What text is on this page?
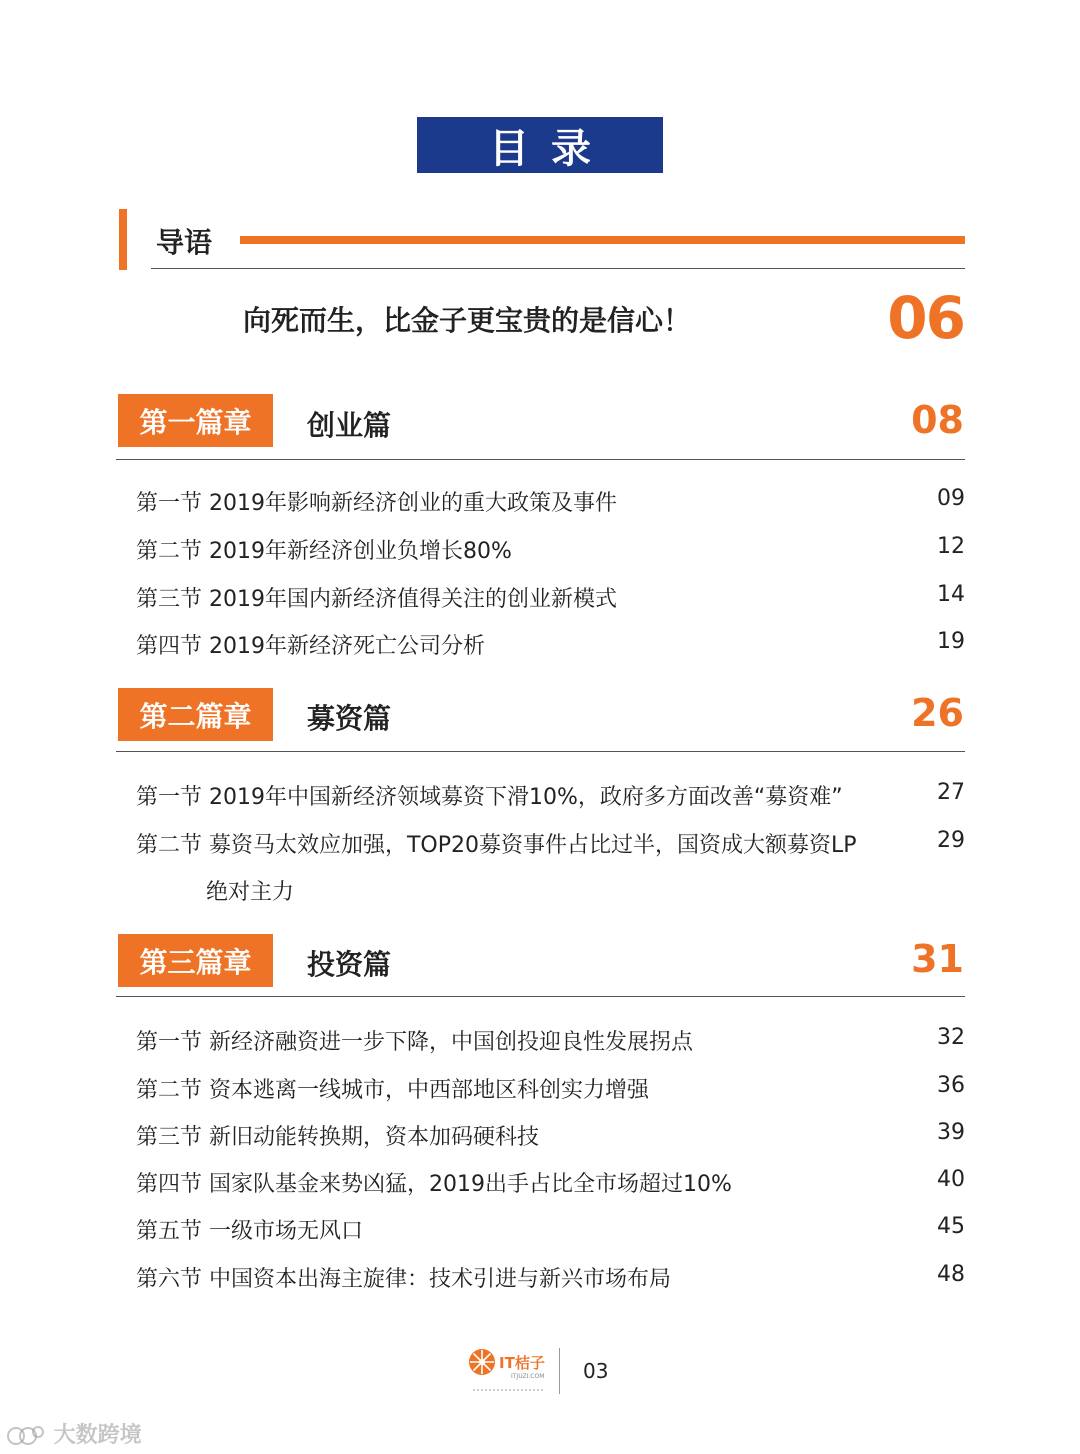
目录
导语
向死而生，比金子更宝贵的是信心！	06
第一篇章	创业篇	08
第一节 2019年影响新经济创业的重大政策及事件	09
第二节 2019年新经济创业负增长80%	12
第三节 2019年国内新经济值得关注的创业新模式	14
第四节 2019年新经济死亡公司分析	19
第二篇章	募资篇	26
第一节 2019年中国新经济领域募资下滑10%，政府多方面改善“募资难”	27
第二节 募资马太效应加强，TOP20募资事件占比过半，国资成大额募资LP	29
绝对主力
第三篇章	投资篇	31
第一节 新经济融资进一步下降，中国创投迎良性发展拐点	32
第二节 资本逃离一线城市，中西部地区科创实力增强	36
第三节 新旧动能转换期，资本加码硬科技	39
第四节 国家队基金来势凶猛，2019出手占比全市场超过10%	40
第五节 一级市场无风口	45
第六节 中国资本出海主旋律：技术引进与新兴市场布局	48
IT桔子
ITJUZI.COM 03
大数跨境
